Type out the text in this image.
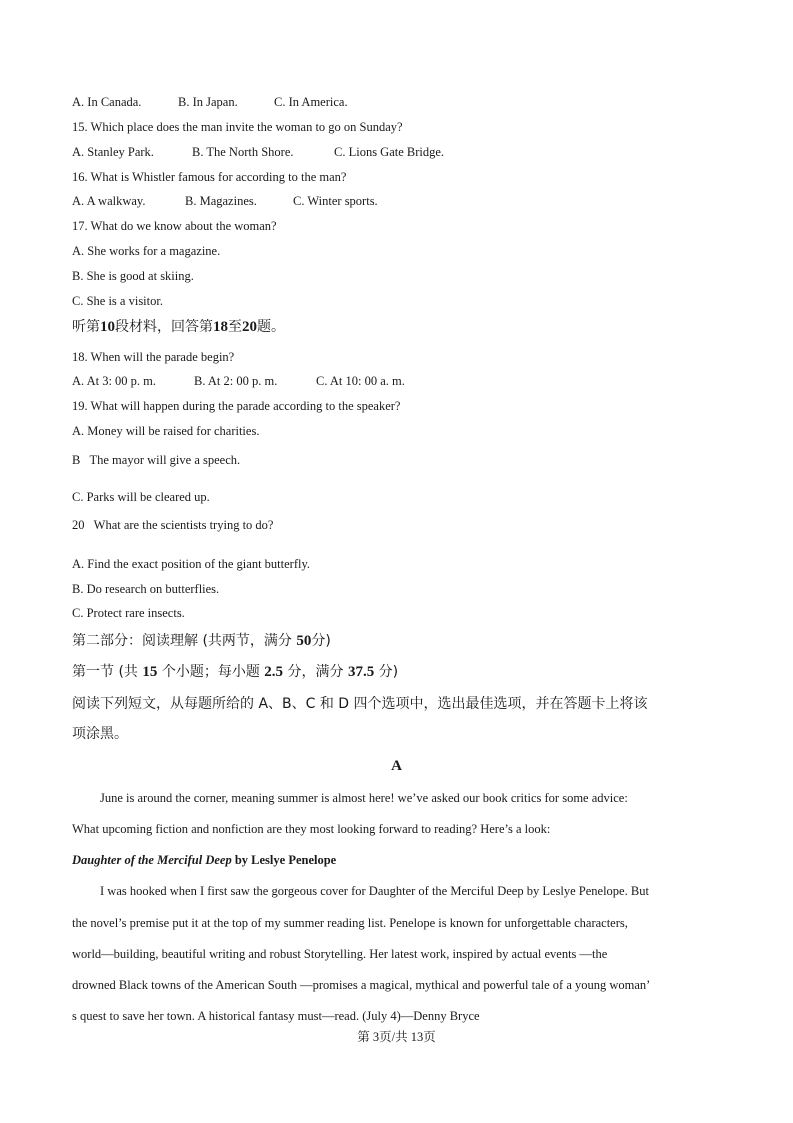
A. In Canada.	B. In Japan.	C. In America.
15. Which place does the man invite the woman to go on Sunday?
A. Stanley Park.	B. The North Shore.	C. Lions Gate Bridge.
16. What is Whistler famous for according to the man?
A. A walkway.	B. Magazines.	C. Winter sports.
17. What do we know about the woman?
A. She works for a magazine.
B. She is good at skiing.
C. She is a visitor.
听第10段材料，回答第18至20题。
18. When will the parade begin?
A. At 3: 00 p. m.	B. At 2: 00 p. m.	C. At 10: 00 a. m.
19. What will happen during the parade according to the speaker?
A. Money will be raised for charities.
B   The mayor will give a speech.
C. Parks will be cleared up.
20   What are the scientists trying to do?
A. Find the exact position of the giant butterfly.
B. Do research on butterflies.
C. Protect rare insects.
第二部分：阅读理解 (共两节，满分 50分)
第一节 (共 15 个小题；每小题 2.5 分，满分 37.5 分)
阅读下列短文，从每题所给的 A、B、C 和 D 四个选项中，选出最佳选项，并在答题卡上将该
项涂黑。
A
June is around the corner, meaning summer is almost here! we’ve asked our book critics for some advice:
What upcoming fiction and nonfiction are they most looking forward to reading? Here’s a look:
Daughter of the Merciful Deep by Leslye Penelope
I was hooked when I first saw the gorgeous cover for Daughter of the Merciful Deep by Leslye Penelope. But
the novel’s premise put it at the top of my summer reading list. Penelope is known for unforgettable characters,
world—building, beautiful writing and robust Storytelling. Her latest work, inspired by actual events —the
drowned Black towns of the American South —promises a magical, mythical and powerful tale of a young woman’
s quest to save her town. A historical fantasy must—read. (July 4)—Denny Bryce
第 3页/共 13页
